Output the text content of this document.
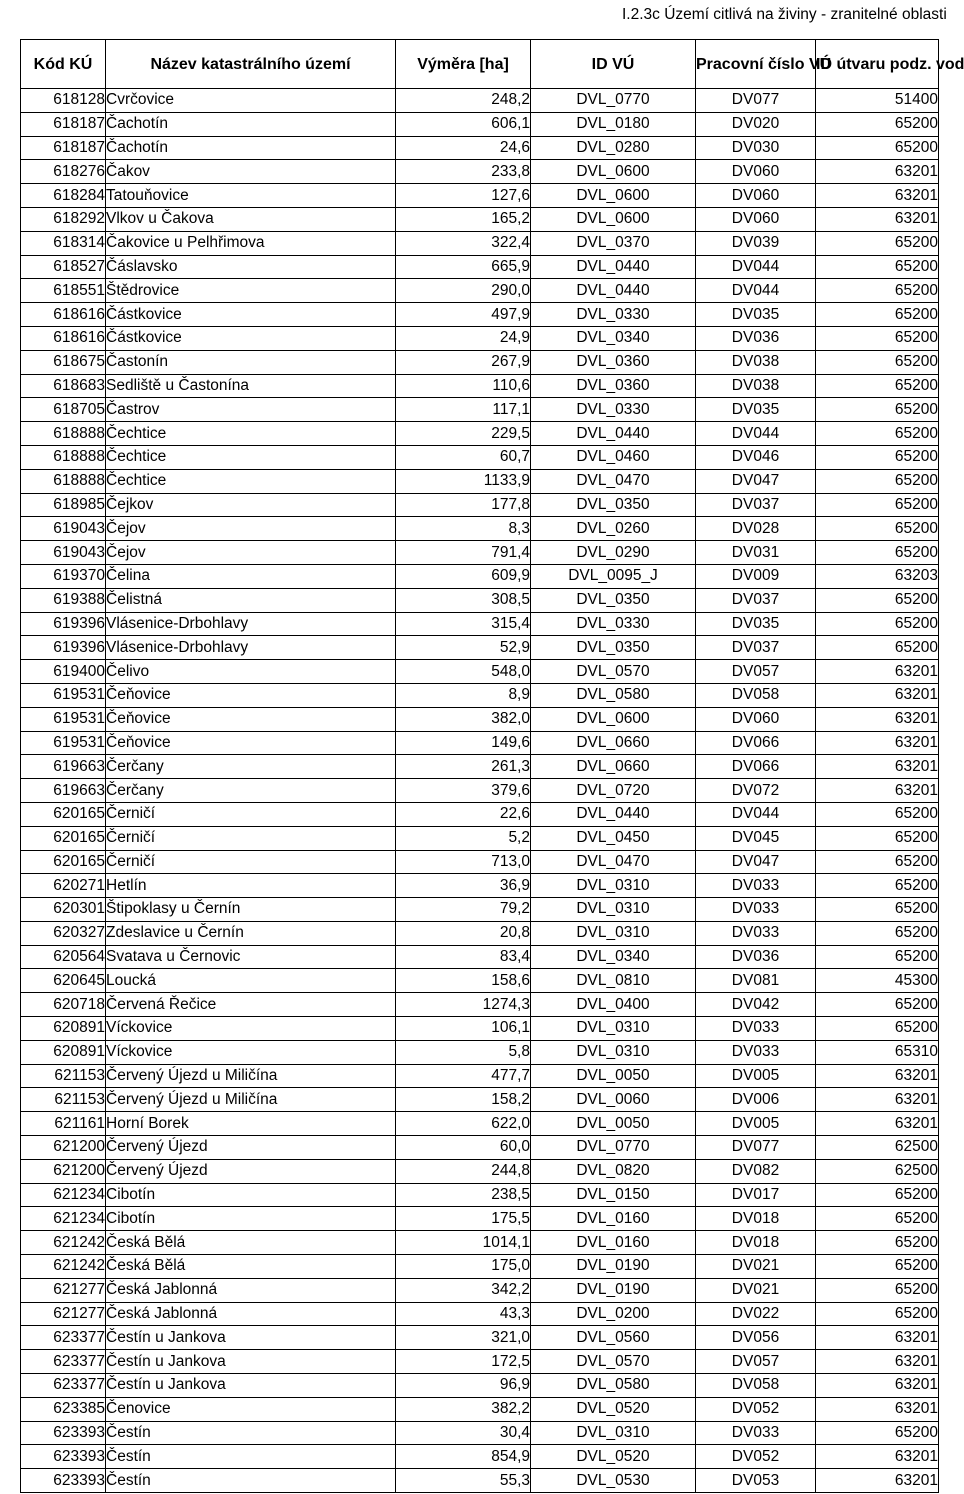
I.2.3c Území citlivá na živiny - zranitelné oblasti
Kód KÚ	Název katastrálního území	Výměra [ha]	ID VÚ	Pracovní číslo VÚ	ID útvaru podz. vod
618128	Cvrčovice	248,2	DVL_0770	DV077	51400
618187	Čachotín	606,1	DVL_0180	DV020	65200
618187	Čachotín	24,6	DVL_0280	DV030	65200
618276	Čakov	233,8	DVL_0600	DV060	63201
618284	Tatouňovice	127,6	DVL_0600	DV060	63201
618292	Vlkov u Čakova	165,2	DVL_0600	DV060	63201
618314	Čakovice u Pelhřimova	322,4	DVL_0370	DV039	65200
618527	Čáslavsko	665,9	DVL_0440	DV044	65200
618551	Štědrovice	290,0	DVL_0440	DV044	65200
618616	Částkovice	497,9	DVL_0330	DV035	65200
618616	Částkovice	24,9	DVL_0340	DV036	65200
618675	Častonín	267,9	DVL_0360	DV038	65200
618683	Sedliště u Častonína	110,6	DVL_0360	DV038	65200
618705	Častrov	117,1	DVL_0330	DV035	65200
618888	Čechtice	229,5	DVL_0440	DV044	65200
618888	Čechtice	60,7	DVL_0460	DV046	65200
618888	Čechtice	1133,9	DVL_0470	DV047	65200
618985	Čejkov	177,8	DVL_0350	DV037	65200
619043	Čejov	8,3	DVL_0260	DV028	65200
619043	Čejov	791,4	DVL_0290	DV031	65200
619370	Čelina	609,9	DVL_0095_J	DV009	63203
619388	Čelistná	308,5	DVL_0350	DV037	65200
619396	Vlásenice-Drbohlavy	315,4	DVL_0330	DV035	65200
619396	Vlásenice-Drbohlavy	52,9	DVL_0350	DV037	65200
619400	Čelivo	548,0	DVL_0570	DV057	63201
619531	Čeňovice	8,9	DVL_0580	DV058	63201
619531	Čeňovice	382,0	DVL_0600	DV060	63201
619531	Čeňovice	149,6	DVL_0660	DV066	63201
619663	Čerčany	261,3	DVL_0660	DV066	63201
619663	Čerčany	379,6	DVL_0720	DV072	63201
620165	Černičí	22,6	DVL_0440	DV044	65200
620165	Černičí	5,2	DVL_0450	DV045	65200
620165	Černičí	713,0	DVL_0470	DV047	65200
620271	Hetlín	36,9	DVL_0310	DV033	65200
620301	Štipoklasy u Černín	79,2	DVL_0310	DV033	65200
620327	Zdeslavice u Černín	20,8	DVL_0310	DV033	65200
620564	Svatava u Černovic	83,4	DVL_0340	DV036	65200
620645	Loucká	158,6	DVL_0810	DV081	45300
620718	Červená Řečice	1274,3	DVL_0400	DV042	65200
620891	Víckovice	106,1	DVL_0310	DV033	65200
620891	Víckovice	5,8	DVL_0310	DV033	65310
621153	Červený Újezd u Miličína	477,7	DVL_0050	DV005	63201
621153	Červený Újezd u Miličína	158,2	DVL_0060	DV006	63201
621161	Horní Borek	622,0	DVL_0050	DV005	63201
621200	Červený Újezd	60,0	DVL_0770	DV077	62500
621200	Červený Újezd	244,8	DVL_0820	DV082	62500
621234	Cibotín	238,5	DVL_0150	DV017	65200
621234	Cibotín	175,5	DVL_0160	DV018	65200
621242	Česká Bělá	1014,1	DVL_0160	DV018	65200
621242	Česká Bělá	175,0	DVL_0190	DV021	65200
621277	Česká Jablonná	342,2	DVL_0190	DV021	65200
621277	Česká Jablonná	43,3	DVL_0200	DV022	65200
623377	Čestín u Jankova	321,0	DVL_0560	DV056	63201
623377	Čestín u Jankova	172,5	DVL_0570	DV057	63201
623377	Čestín u Jankova	96,9	DVL_0580	DV058	63201
623385	Čenovice	382,2	DVL_0520	DV052	63201
623393	Čestín	30,4	DVL_0310	DV033	65200
623393	Čestín	854,9	DVL_0520	DV052	63201
623393	Čestín	55,3	DVL_0530	DV053	63201
